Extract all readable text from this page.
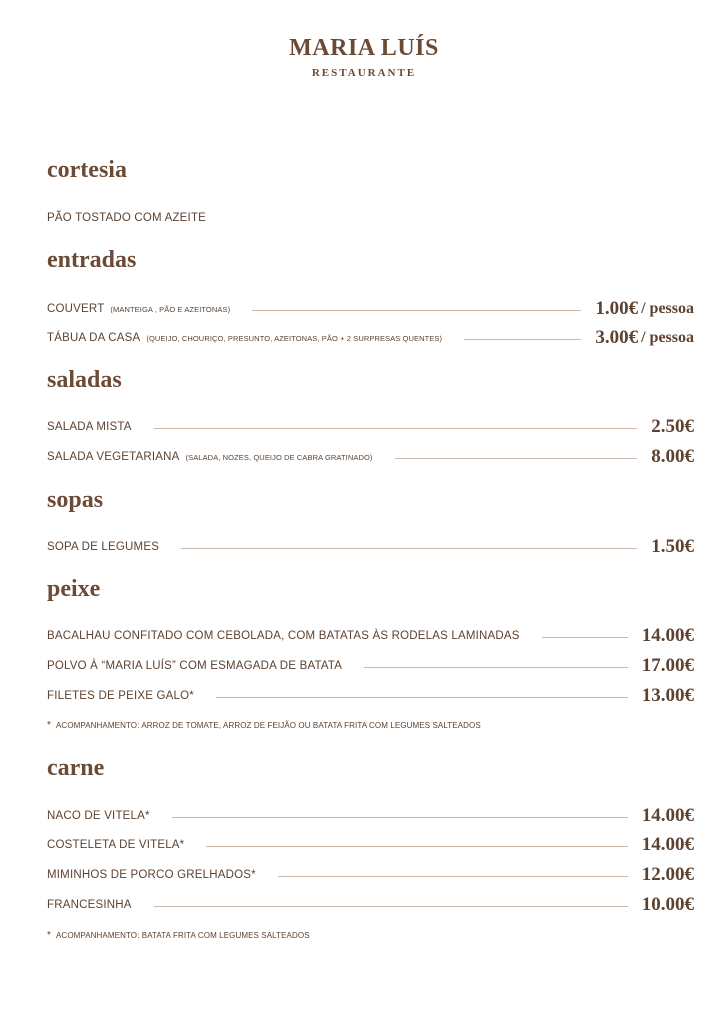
MARIA LUÍS
RESTAURANTE
cortesia
PÃO TOSTADO COM AZEITE
entradas
COUVERT (MANTEIGA , PÃO E AZEITONAS)	1.00€ / pessoa
TÁBUA DA CASA (QUEIJO, CHOURIÇO, PRESUNTO, AZEITONAS, PÃO + 2 SURPRESAS QUENTES)	3.00€ / pessoa
saladas
SALADA MISTA	2.50€
SALADA VEGETARIANA (SALADA, NOZES, QUEIJO DE CABRA GRATINADO)	8.00€
sopas
SOPA DE LEGUMES	1.50€
peixe
BACALHAU CONFITADO COM CEBOLADA, COM BATATAS ÀS RODELAS LAMINADAS	14.00€
POLVO À “MARIA LUÍS” COM ESMAGADA DE BATATA	17.00€
FILETES DE PEIXE GALO*	13.00€
* ACOMPANHAMENTO: ARROZ DE TOMATE, ARROZ DE FEIJÃO OU BATATA FRITA COM LEGUMES SALTEADOS
carne
NACO DE VITELA*	14.00€
COSTELETA DE VITELA*	14.00€
MIMINHOS DE PORCO GRELHADOS*	12.00€
FRANCESINHA	10.00€
* ACOMPANHAMENTO: BATATA FRITA COM LEGUMES SALTEADOS
